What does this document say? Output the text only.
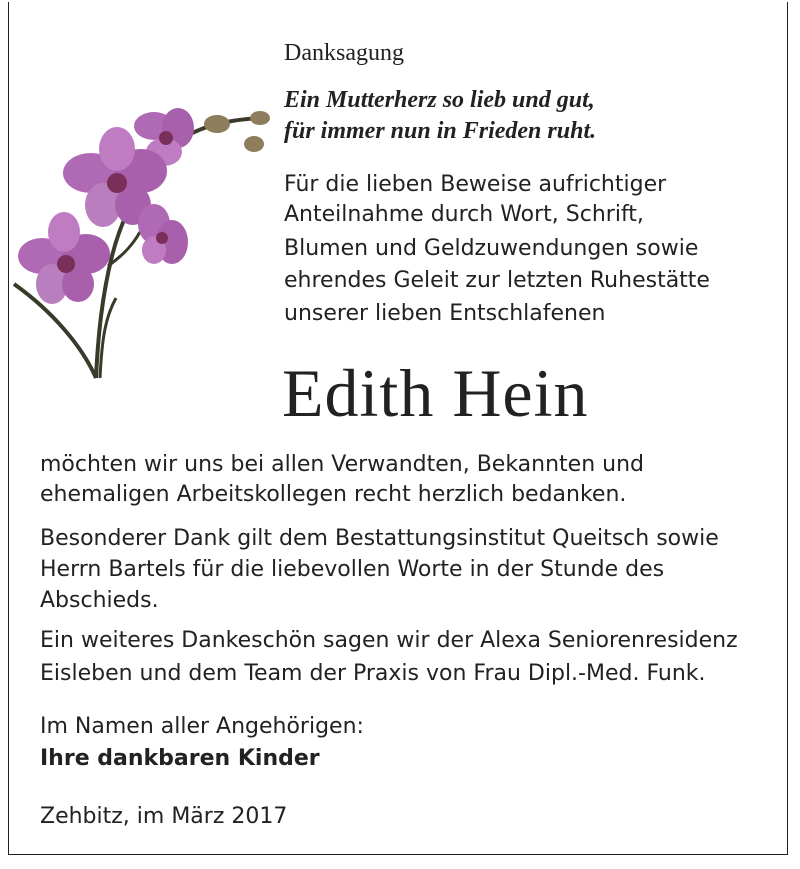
Danksagung
Ein Mutterherz so lieb und gut,
für immer nun in Frieden ruht.
Für die lieben Beweise aufrichtiger
Anteilnahme durch Wort, Schrift,
Blumen und Geldzuwendungen sowie
ehrendes Geleit zur letzten Ruhestätte
unserer lieben Entschlafenen
Edith Hein
möchten wir uns bei allen Verwandten, Bekannten und
ehemaligen Arbeitskollegen recht herzlich bedanken.
Besonderer Dank gilt dem Bestattungsinstitut Queitsch sowie
Herrn Bartels für die liebevollen Worte in der Stunde des
Abschieds.
Ein weiteres Dankeschön sagen wir der Alexa Seniorenresidenz
Eisleben und dem Team der Praxis von Frau Dipl.-Med. Funk.
Im Namen aller Angehörigen:
Ihre dankbaren Kinder
Zehbitz, im März 2017
